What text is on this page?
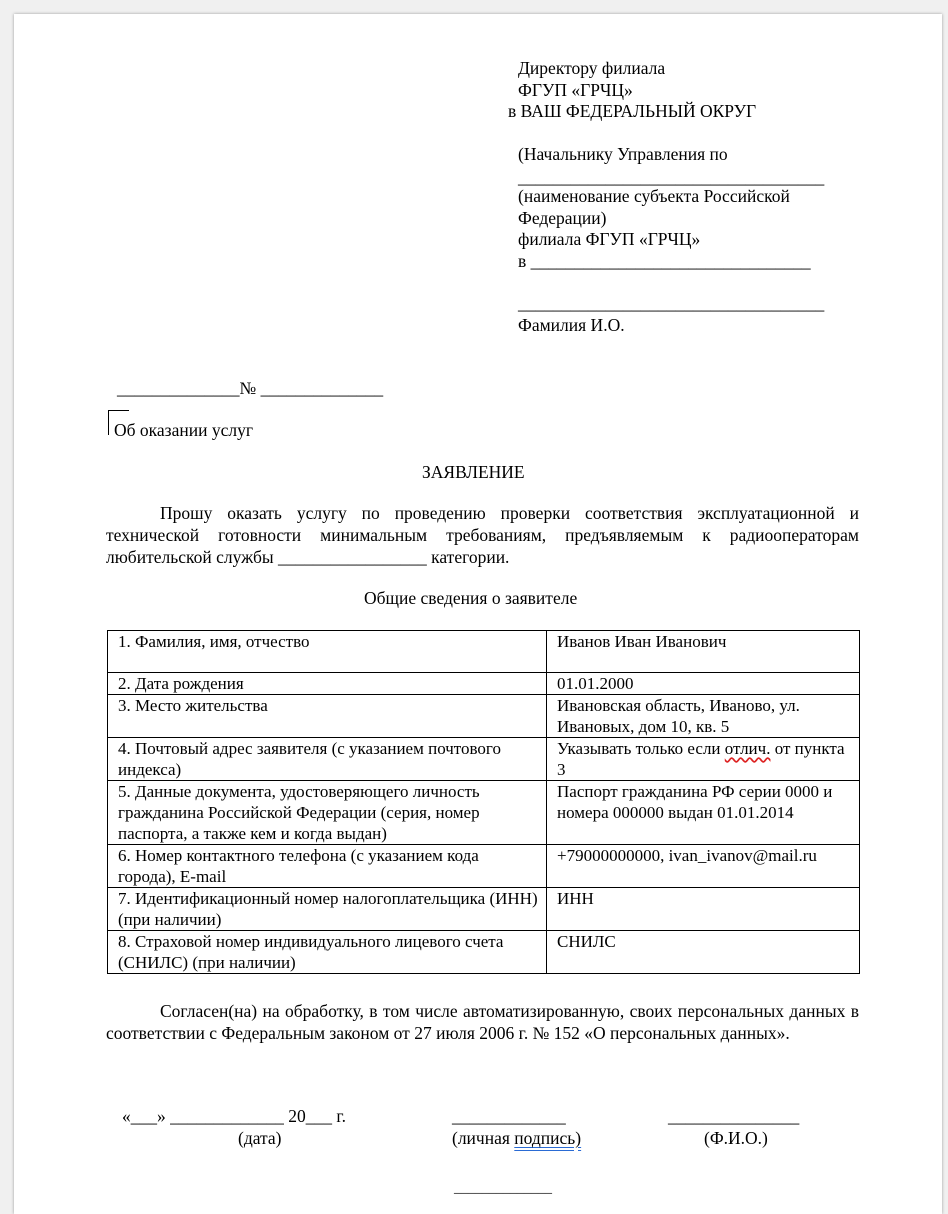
Директору филиала
ФГУП «ГРЧЦ»
в ВАШ ФЕДЕРАЛЬНЫЙ ОКРУГ
(Начальнику Управления по
___________________________________
(наименование субъекта Российской
Федерации)
филиала ФГУП «ГРЧЦ»
в ________________________________
___________________________________
Фамилия И.О.
______________№ ______________
Об оказании услуг
ЗАЯВЛЕНИЕ
Прошу оказать услугу по проведению проверки соответствия эксплуатационной и технической готовности минимальным требованиям, предъявляемым к радиооператорам любительской службы _________________ категории.
Общие сведения о заявителе
1. Фамилия, имя, отчество	Иванов Иван Иванович
2. Дата рождения	01.01.2000
3. Место жительства	Ивановская область, Иваново, ул. Ивановых, дом 10, кв. 5
4. Почтовый адрес заявителя (с указанием почтового индекса)	Указывать только если отлич. от пункта 3
5. Данные документа, удостоверяющего личность гражданина Российской Федерации (серия, номер паспорта, а также кем и когда выдан)	Паспорт гражданина РФ серии 0000 и номера 000000 выдан 01.01.2014
6. Номер контактного телефона (с указанием кода города), E-mail	+79000000000, ivan_ivanov@mail.ru
7. Идентификационный номер налогоплательщика (ИНН) (при наличии)	ИНН
8. Страховой номер индивидуального лицевого счета (СНИЛС) (при наличии)	СНИЛС
Согласен(на) на обработку, в том числе автоматизированную, своих персональных данных в соответствии с Федеральным законом от 27 июля 2006 г. № 152 «О персональных данных».
«___» _____________ 20___ г.
(дата)
_____________
(личная подпись)
_______________
(Ф.И.О.)
______________
